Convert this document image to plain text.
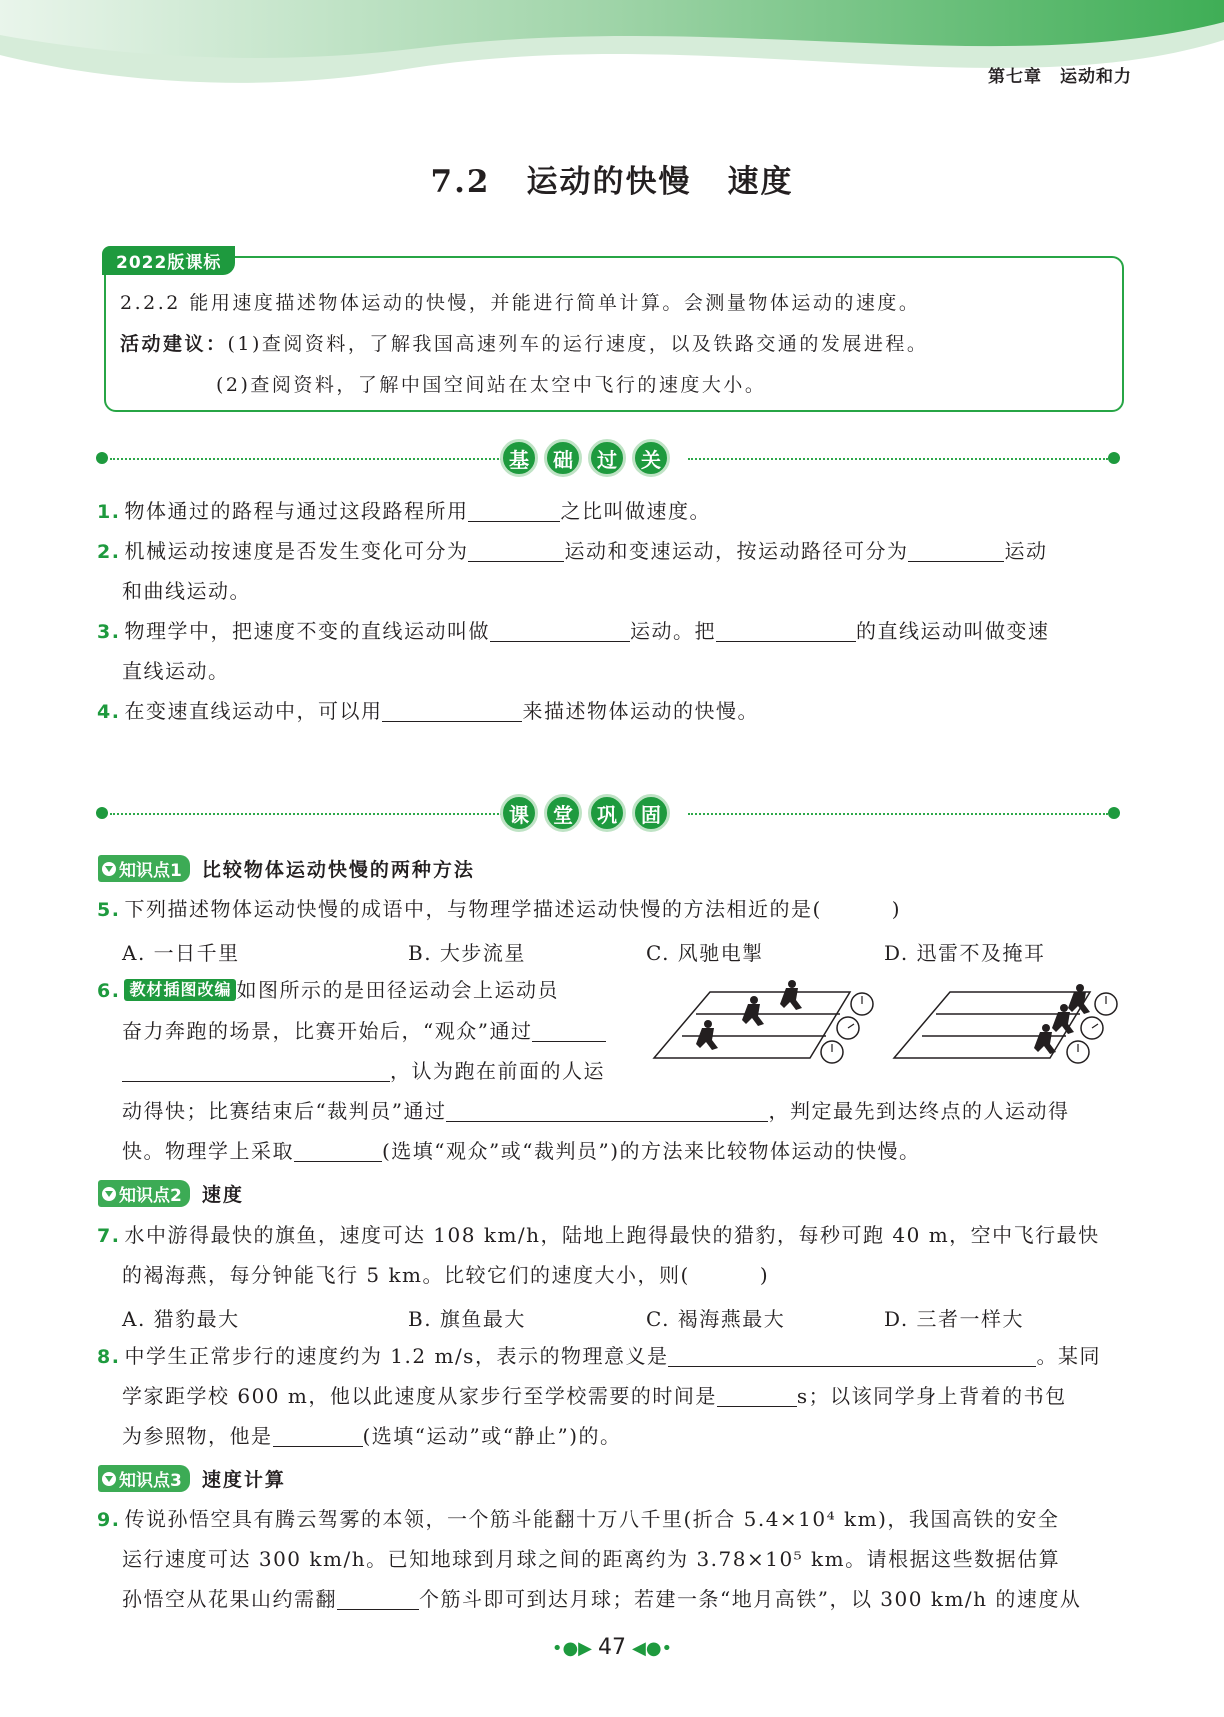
第七章 运动和力
7.2 运动的快慢 速度
2022版课标
2.2.2 能用速度描述物体运动的快慢，并能进行简单计算。会测量物体运动的速度。
活动建议：(1)查阅资料，了解我国高速列车的运行速度，以及铁路交通的发展进程。
(2)查阅资料，了解中国空间站在太空中飞行的速度大小。
基	础	过	关
1. 物体通过的路程与通过这段路程所用	之比叫做速度。
2. 机械运动按速度是否发生变化可分为	运动和变速运动，按运动路径可分为	运动
和曲线运动。
3. 物理学中，把速度不变的直线运动叫做	运动。把	的直线运动叫做变速
直线运动。
4. 在变速直线运动中，可以用	来描述物体运动的快慢。
课	堂	巩	固
知识点1 比较物体运动快慢的两种方法
5. 下列描述物体运动快慢的成语中，与物理学描述运动快慢的方法相近的是(	)
A. 一日千里	B. 大步流星	C. 风驰电掣	D. 迅雷不及掩耳
6. 教材插图改编 如图所示的是田径运动会上运动员
奋力奔跑的场景，比赛开始后，“观众”通过
，认为跑在前面的人运
动得快；比赛结束后“裁判员”通过	，判定最先到达终点的人运动得
快。物理学上采取	(选填“观众”或“裁判员”)的方法来比较物体运动的快慢。
知识点2 速度
7. 水中游得最快的旗鱼，速度可达 108 km/h，陆地上跑得最快的猎豹，每秒可跑 40 m，空中飞行最快
的褐海燕，每分钟能飞行 5 km。比较它们的速度大小，则(	)
A. 猎豹最大	B. 旗鱼最大	C. 褐海燕最大	D. 三者一样大
8. 中学生正常步行的速度约为 1.2 m/s，表示的物理意义是	。某同
学家距学校 600 m，他以此速度从家步行至学校需要的时间是	s；以该同学身上背着的书包
为参照物，他是	(选填“运动”或“静止”)的。
知识点3 速度计算
9. 传说孙悟空具有腾云驾雾的本领，一个筋斗能翻十万八千里(折合 5.4×10⁴ km)，我国高铁的安全
运行速度可达 300 km/h。已知地球到月球之间的距离约为 3.78×10⁵ km。请根据这些数据估算
孙悟空从花果山约需翻	个筋斗即可到达月球；若建一条“地月高铁”，以 300 km/h 的速度从
•●▶ 47 ◀●•
